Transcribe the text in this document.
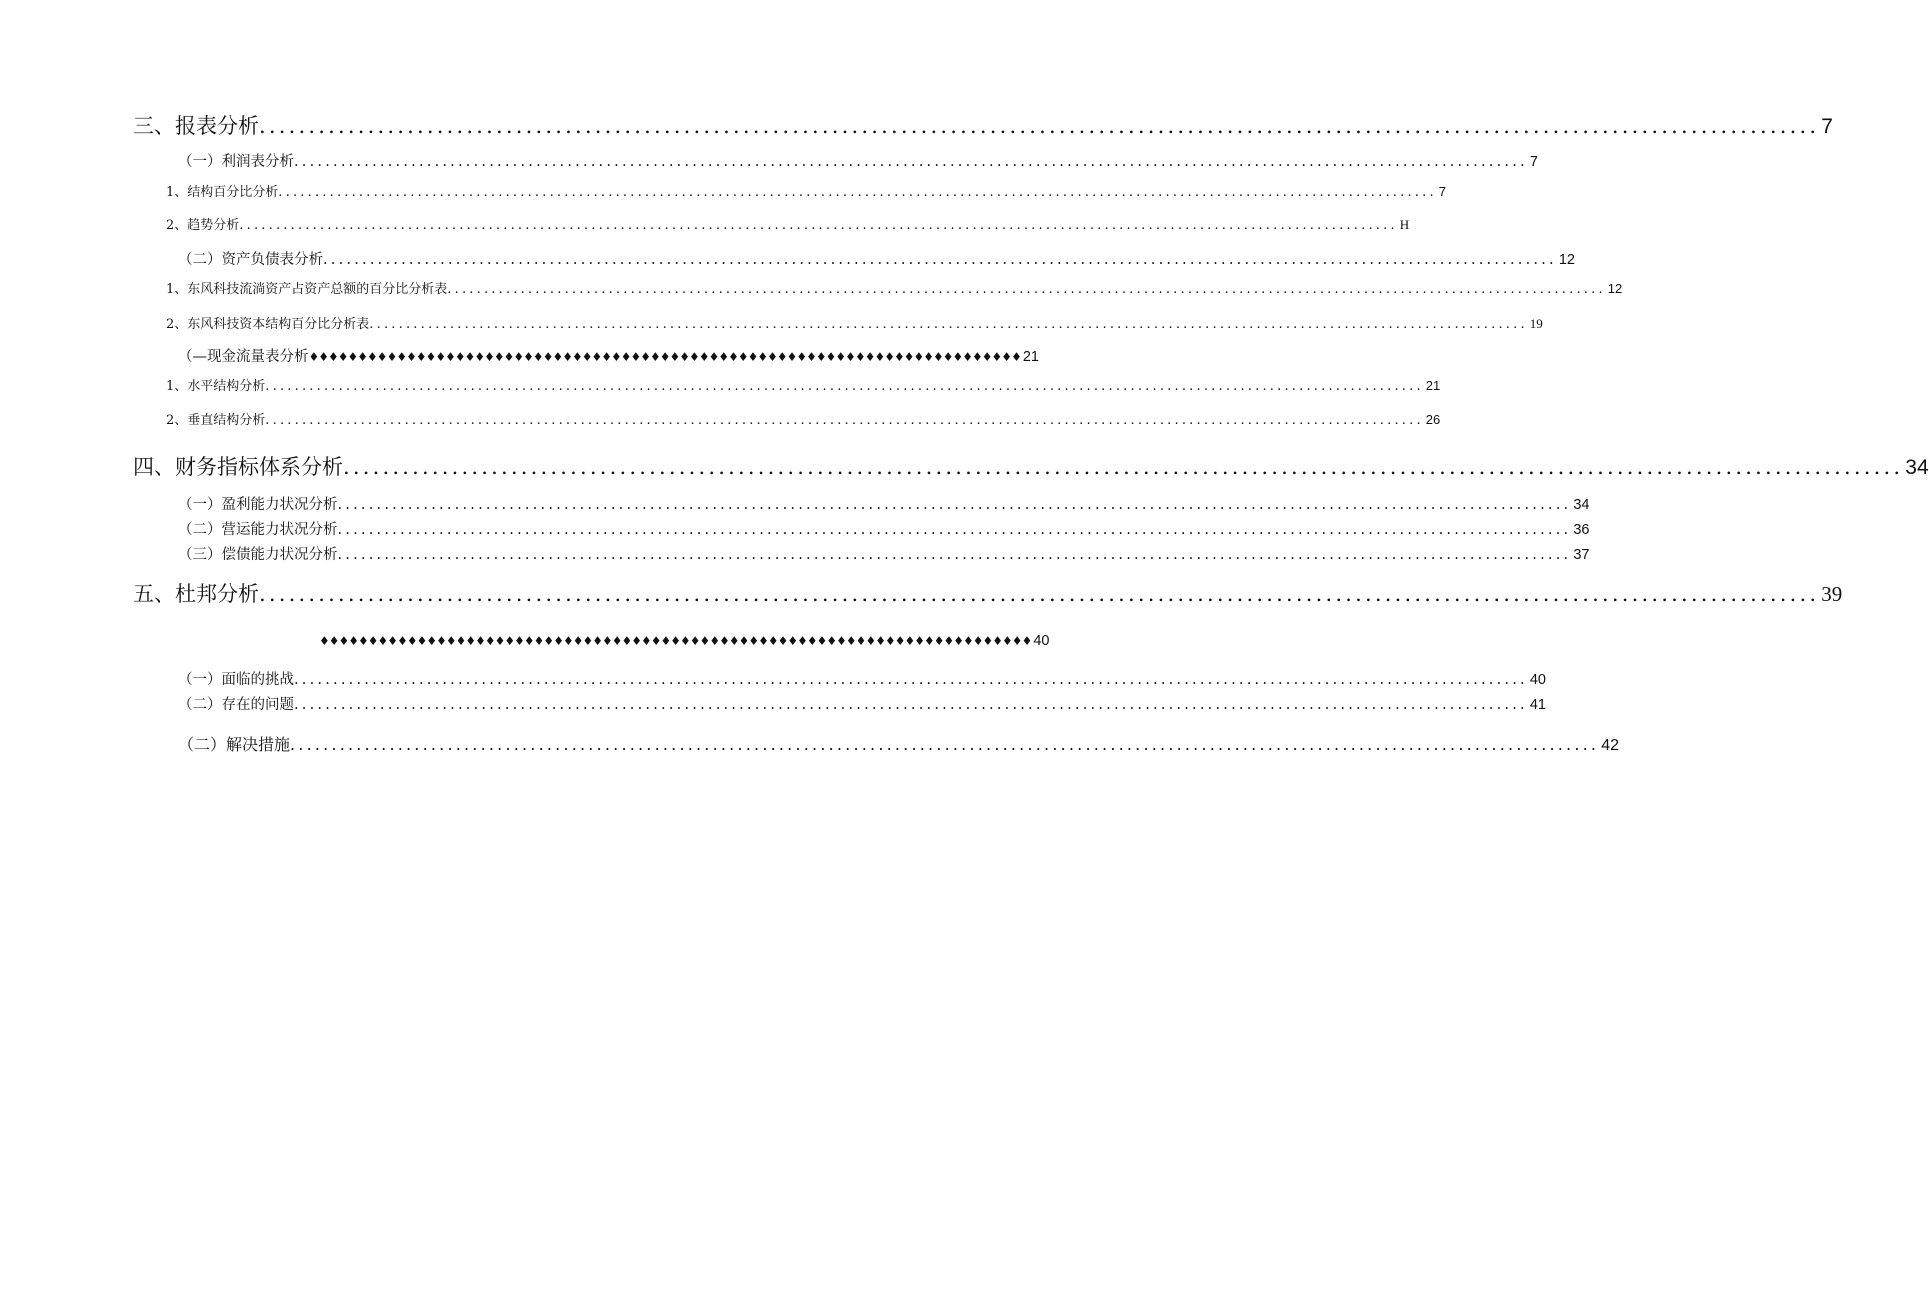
三、报表分析 .............................................................................................................................................................. 7
（一）利润表分析 .............................................................................................................................................................. 7
1、结构百分比分析 .............................................................................................................................................................. 7
2、趋势分析 .............................................................................................................................................................. H
（二）资产负债表分析 .............................................................................................................................................................. 12
1、东风科技流淌资产占资产总额的百分比分析表 .............................................................................................................................................................. 12
2、东风科技资本结构百分比分析表 .............................................................................................................................................................. 19
（—现金流量表分析 ♦♦♦♦♦♦♦♦♦♦♦♦♦♦♦♦♦♦♦♦♦♦♦♦♦♦♦♦♦♦♦♦♦♦♦♦♦♦♦♦♦♦♦♦♦♦♦♦♦♦♦♦♦♦♦♦♦♦♦♦♦♦♦♦♦♦♦♦♦♦♦♦♦ 21
1、水平结构分析 .............................................................................................................................................................. 21
2、垂直结构分析 .............................................................................................................................................................. 26
四、财务指标体系分析 .............................................................................................................................................................. 34
（一）盈利能力状况分析 .............................................................................................................................................................. 34
（二）营运能力状况分析 .............................................................................................................................................................. 36
（三）偿债能力状况分析 .............................................................................................................................................................. 37
五、杜邦分析 .............................................................................................................................................................. 39
♦♦♦♦♦♦♦♦♦♦♦♦♦♦♦♦♦♦♦♦♦♦♦♦♦♦♦♦♦♦♦♦♦♦♦♦♦♦♦♦♦♦♦♦♦♦♦♦♦♦♦♦♦♦♦♦♦♦♦♦♦♦♦♦♦♦♦♦♦♦♦♦♦ 40
（一）面临的挑战 .............................................................................................................................................................. 40
（二）存在的问题 .............................................................................................................................................................. 41
（二）解决措施 .............................................................................................................................................................. 42
